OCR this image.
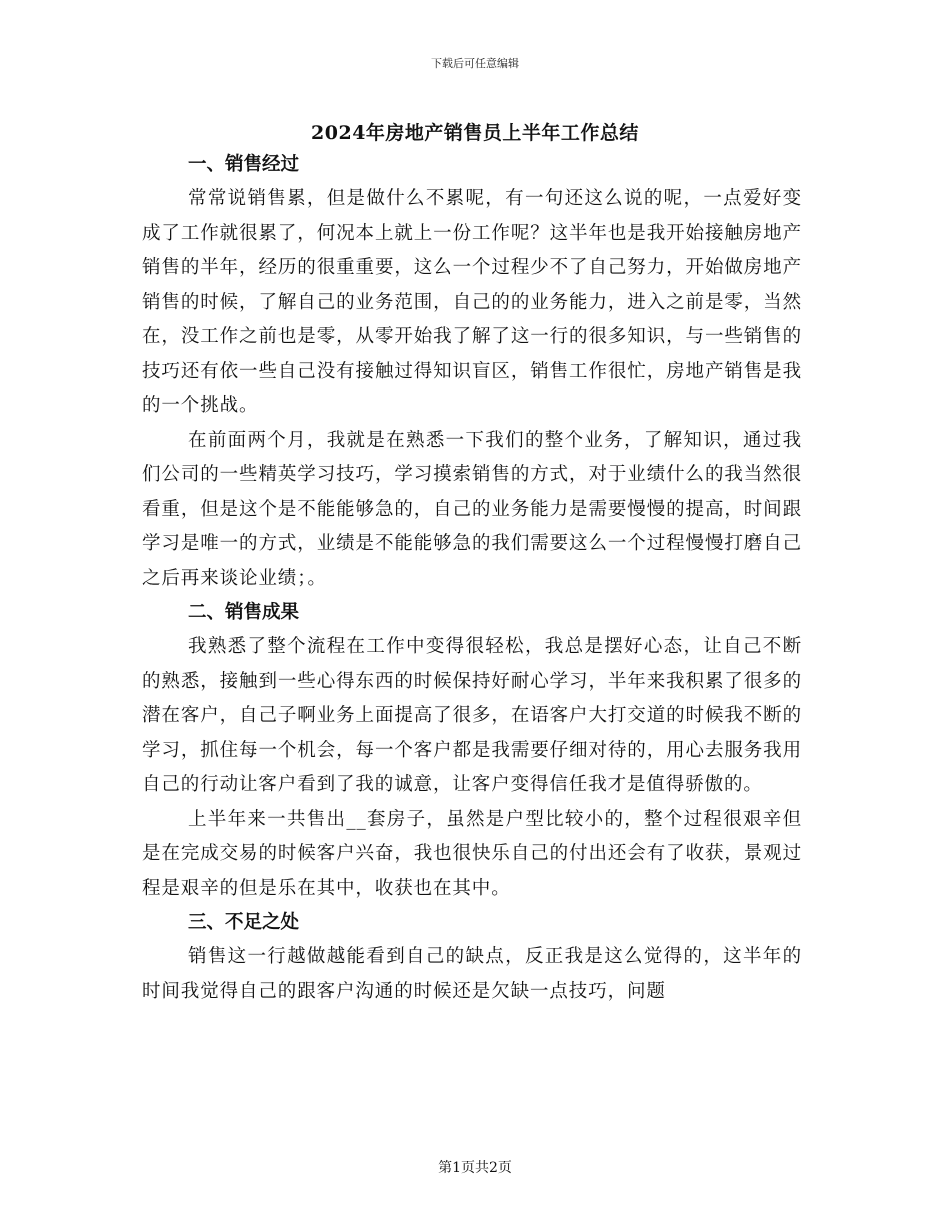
下载后可任意编辑
2024年房地产销售员上半年工作总结
一、销售经过

常常说销售累，但是做什么不累呢，有一句还这么说的呢，一点爱好变成了工作就很累了，何况本上就上一份工作呢？这半年也是我开始接触房地产销售的半年，经历的很重重要，这么一个过程少不了自己努力，开始做房地产销售的时候，了解自己的业务范围，自己的的业务能力，进入之前是零，当然在，没工作之前也是零，从零开始我了解了这一行的很多知识，与一些销售的技巧还有依一些自己没有接触过得知识盲区，销售工作很忙，房地产销售是我的一个挑战。

在前面两个月，我就是在熟悉一下我们的整个业务，了解知识，通过我们公司的一些精英学习技巧，学习摸索销售的方式，对于业绩什么的我当然很看重，但是这个是不能能够急的，自己的业务能力是需要慢慢的提高，时间跟学习是唯一的方式，业绩是不能能够急的我们需要这么一个过程慢慢打磨自己之后再来谈论业绩；。

二、销售成果

我熟悉了整个流程在工作中变得很轻松，我总是摆好心态，让自己不断的熟悉，接触到一些心得东西的时候保持好耐心学习，半年来我积累了很多的潜在客户，自己子啊业务上面提高了很多，在语客户大打交道的时候我不断的学习，抓住每一个机会，每一个客户都是我需要仔细对待的，用心去服务我用自己的行动让客户看到了我的诚意，让客户变得信任我才是值得骄傲的。

上半年来一共售出__套房子，虽然是户型比较小的，整个过程很艰辛但是在完成交易的时候客户兴奋，我也很快乐自己的付出还会有了收获，景观过程是艰辛的但是乐在其中，收获也在其中。

三、不足之处

销售这一行越做越能看到自己的缺点，反正我是这么觉得的，这半年的时间我觉得自己的跟客户沟通的时候还是欠缺一点技巧，问题

第1页共2页
